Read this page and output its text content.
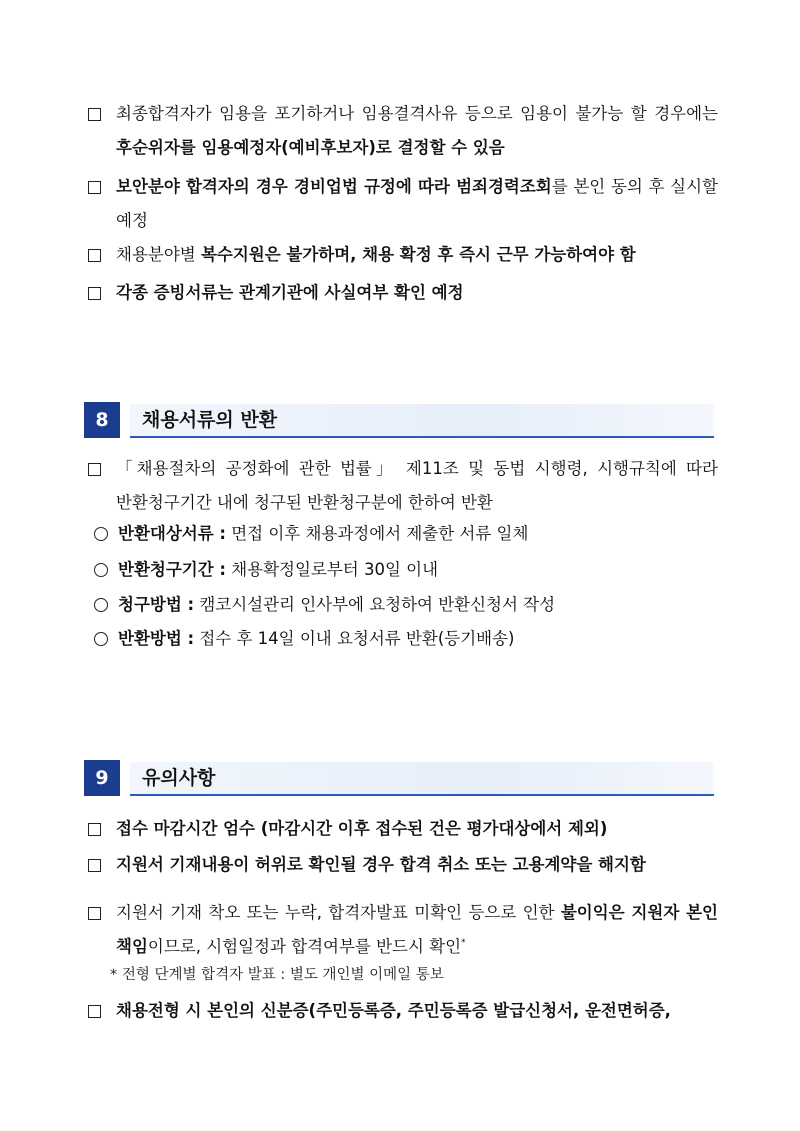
최종합격자가 임용을 포기하거나 임용결격사유 등으로 임용이 불가능 할 경우에는 후순위자를 임용예정자(예비후보자)로 결정할 수 있음
보안분야 합격자의 경우 경비업법 규정에 따라 범죄경력조회를 본인 동의 후 실시할 예정
채용분야별 복수지원은 불가하며, 채용 확정 후 즉시 근무 가능하여야 함
각종 증빙서류는 관계기관에 사실여부 확인 예정
8	채용서류의 반환
「채용절차의 공정화에 관한 법률」 제11조 및 동법 시행령, 시행규칙에 따라 반환청구기간 내에 청구된 반환청구분에 한하여 반환
반환대상서류 : 면접 이후 채용과정에서 제출한 서류 일체
반환청구기간 : 채용확정일로부터 30일 이내
청구방법 : 캠코시설관리 인사부에 요청하여 반환신청서 작성
반환방법 : 접수 후 14일 이내 요청서류 반환(등기배송)
9	유의사항
접수 마감시간 엄수 (마감시간 이후 접수된 건은 평가대상에서 제외)
지원서 기재내용이 허위로 확인될 경우 합격 취소 또는 고용계약을 해지함
지원서 기재 착오 또는 누락, 합격자발표 미확인 등으로 인한 불이익은 지원자 본인 책임이므로, 시험일정과 합격여부를 반드시 확인*
* 전형 단계별 합격자 발표 : 별도 개인별 이메일 통보
채용전형 시 본인의 신분증(주민등록증, 주민등록증 발급신청서, 운전면허증,
